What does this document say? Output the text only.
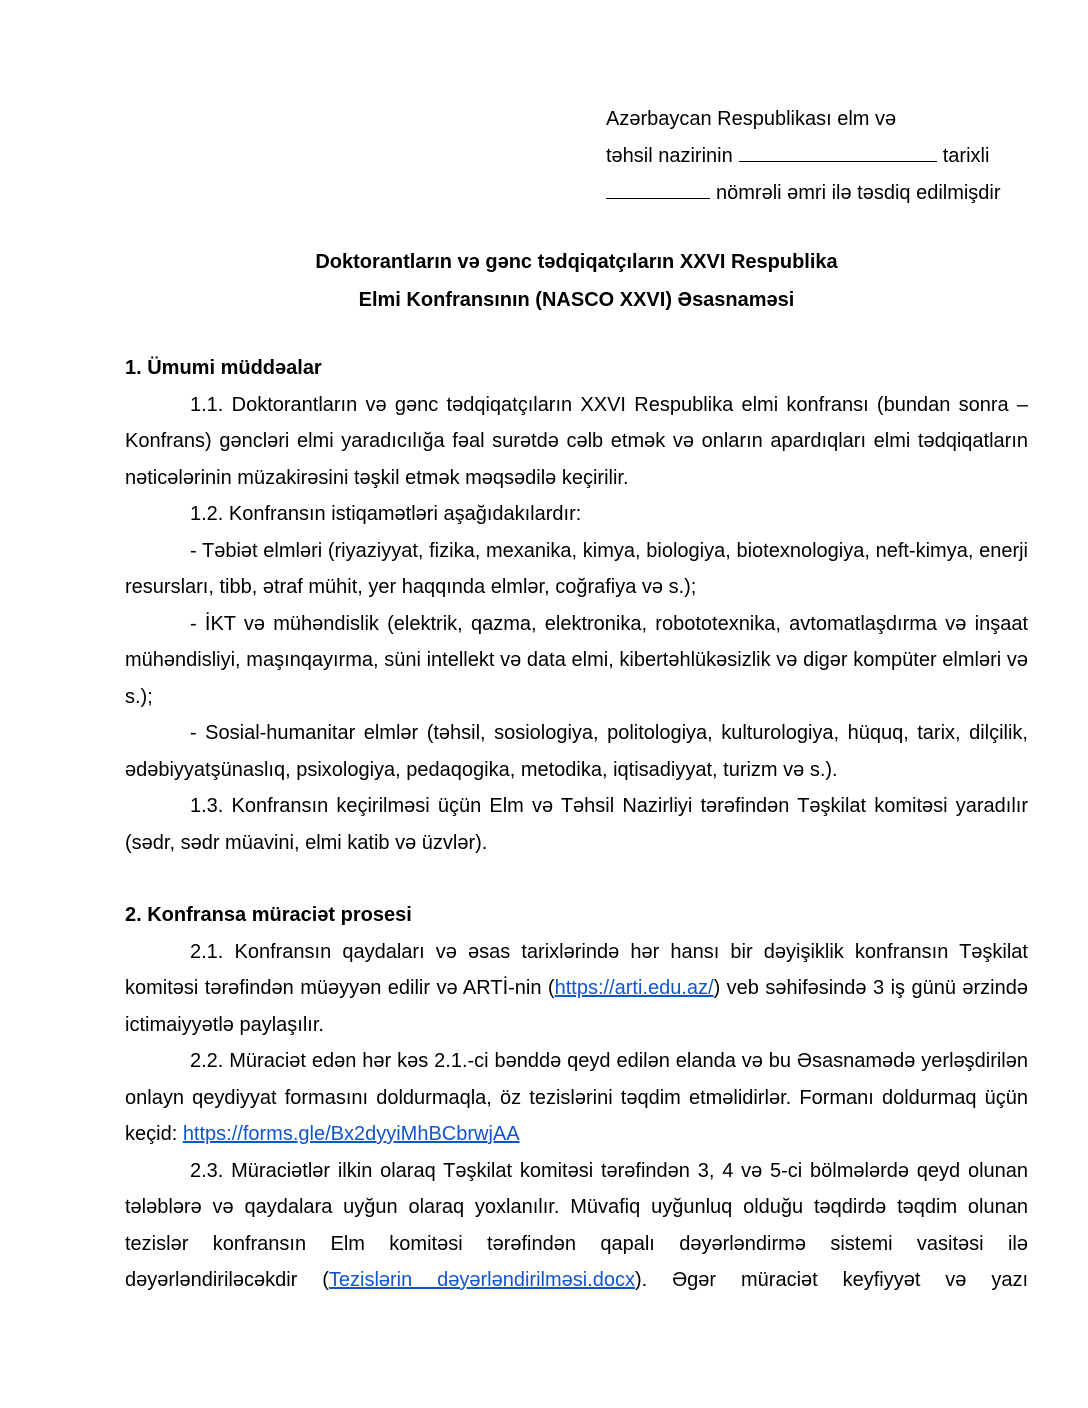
Azərbaycan Respublikası elm və
təhsil nazirinin	tarixli
nömrəli əmri ilə təsdiq edilmişdir
Doktorantların və gənc tədqiqatçıların XXVI Respublika
Elmi Konfransının (NASCO XXVI) Əsasnaməsi

1. Ümumi müddəalar

1.1. Doktorantların və gənc tədqiqatçıların XXVI Respublika elmi konfransı (bundan sonra – Konfrans) gəncləri elmi yaradıcılığa fəal surətdə cəlb etmək və onların apardıqları elmi tədqiqatların nəticələrinin müzakirəsini təşkil etmək məqsədilə keçirilir.

1.2. Konfransın istiqamətləri aşağıdakılardır:

- Təbiət elmləri (riyaziyyat, fizika, mexanika, kimya, biologiya, biotexnologiya, neft-kimya, enerji resursları, tibb, ətraf mühit, yer haqqında elmlər, coğrafiya və s.);

- İKT və mühəndislik (elektrik, qazma, elektronika, robototexnika, avtomatlaşdırma və inşaat mühəndisliyi, maşınqayırma, süni intellekt və data elmi, kibertəhlükəsizlik və digər kompüter elmləri və s.);

- Sosial-humanitar elmlər (təhsil, sosiologiya, politologiya, kulturologiya, hüquq, tarix, dilçilik, ədəbiyyatşünaslıq, psixologiya, pedaqogika, metodika, iqtisadiyyat, turizm və s.).

1.3. Konfransın keçirilməsi üçün Elm və Təhsil Nazirliyi tərəfindən Təşkilat komitəsi yaradılır (sədr, sədr müavini, elmi katib və üzvlər).

2. Konfransa müraciət prosesi

2.1. Konfransın qaydaları və əsas tarixlərində hər hansı bir dəyişiklik konfransın Təşkilat komitəsi tərəfindən müəyyən edilir və ARTİ-nin (https://arti.edu.az/) veb səhifəsində 3 iş günü ərzində ictimaiyyətlə paylaşılır.

2.2. Müraciət edən hər kəs 2.1.-ci bənddə qeyd edilən elanda və bu Əsasnamədə yerləşdirilən onlayn qeydiyyat formasını doldurmaqla, öz tezislərini təqdim etməlidirlər. Formanı doldurmaq üçün keçid: https://forms.gle/Bx2dyyiMhBCbrwjAA

2.3. Müraciətlər ilkin olaraq Təşkilat komitəsi tərəfindən 3, 4 və 5-ci bölmələrdə qeyd olunan tələblərə və qaydalara uyğun olaraq yoxlanılır. Müvafiq uyğunluq olduğu təqdirdə təqdim olunan tezislər konfransın Elm komitəsi tərəfindən qapalı dəyərləndirmə sistemi vasitəsi ilə dəyərləndiriləcəkdir (Tezislərin dəyərləndirilməsi.docx). Əgər müraciət keyfiyyət və yazı
